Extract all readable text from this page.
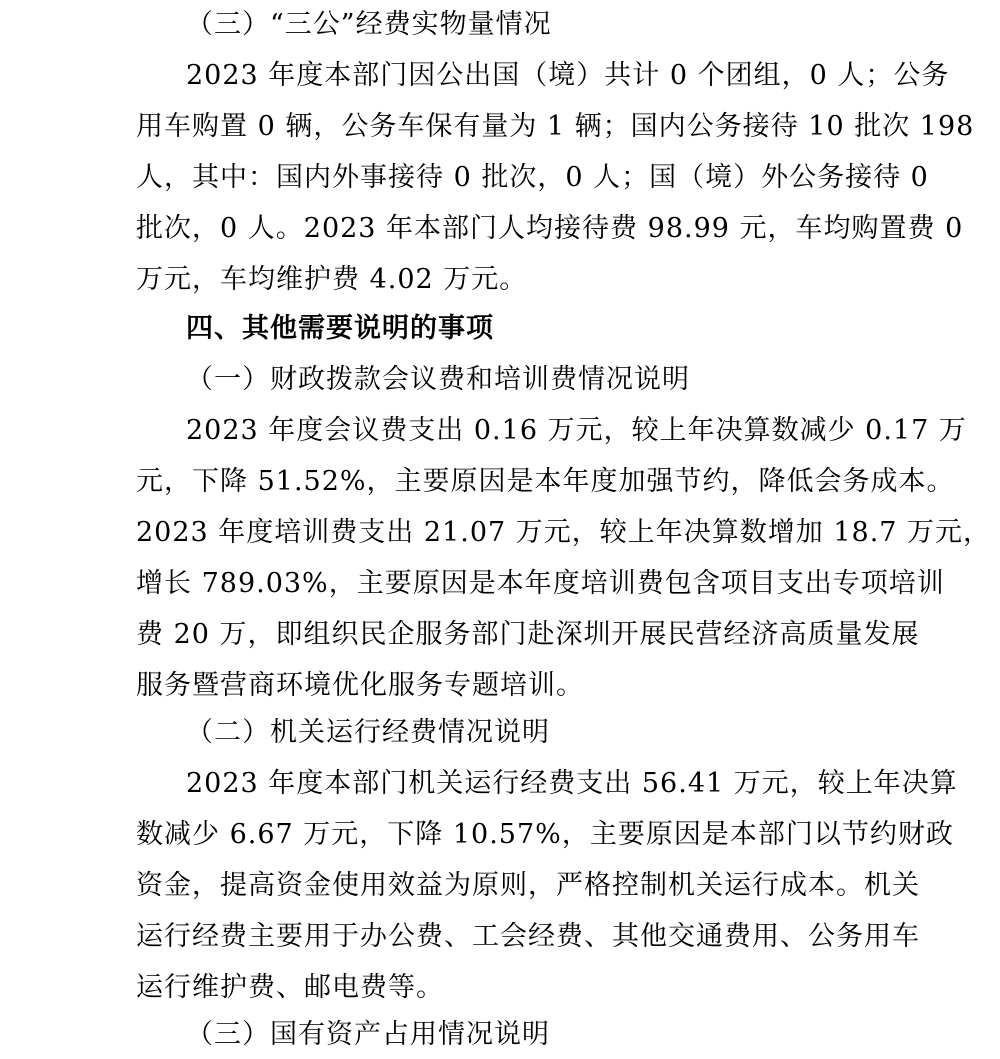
（三）“三公”经费实物量情况
2023 年度本部门因公出国（境）共计 0 个团组，0 人；公务
用车购置 0 辆，公务车保有量为 1 辆；国内公务接待 10 批次 198
人，其中：国内外事接待 0 批次，0 人；国（境）外公务接待 0
批次，0 人。2023 年本部门人均接待费 98.99 元，车均购置费 0
万元，车均维护费 4.02 万元。
四、其他需要说明的事项
（一）财政拨款会议费和培训费情况说明
2023 年度会议费支出 0.16 万元，较上年决算数减少 0.17 万
元，下降 51.52%，主要原因是本年度加强节约，降低会务成本。
2023 年度培训费支出 21.07 万元，较上年决算数增加 18.7 万元，
增长 789.03%，主要原因是本年度培训费包含项目支出专项培训
费 20 万，即组织民企服务部门赴深圳开展民营经济高质量发展
服务暨营商环境优化服务专题培训。
（二）机关运行经费情况说明
2023 年度本部门机关运行经费支出 56.41 万元，较上年决算
数减少 6.67 万元，下降 10.57%，主要原因是本部门以节约财政
资金，提高资金使用效益为原则，严格控制机关运行成本。机关
运行经费主要用于办公费、工会经费、其他交通费用、公务用车
运行维护费、邮电费等。
（三）国有资产占用情况说明
